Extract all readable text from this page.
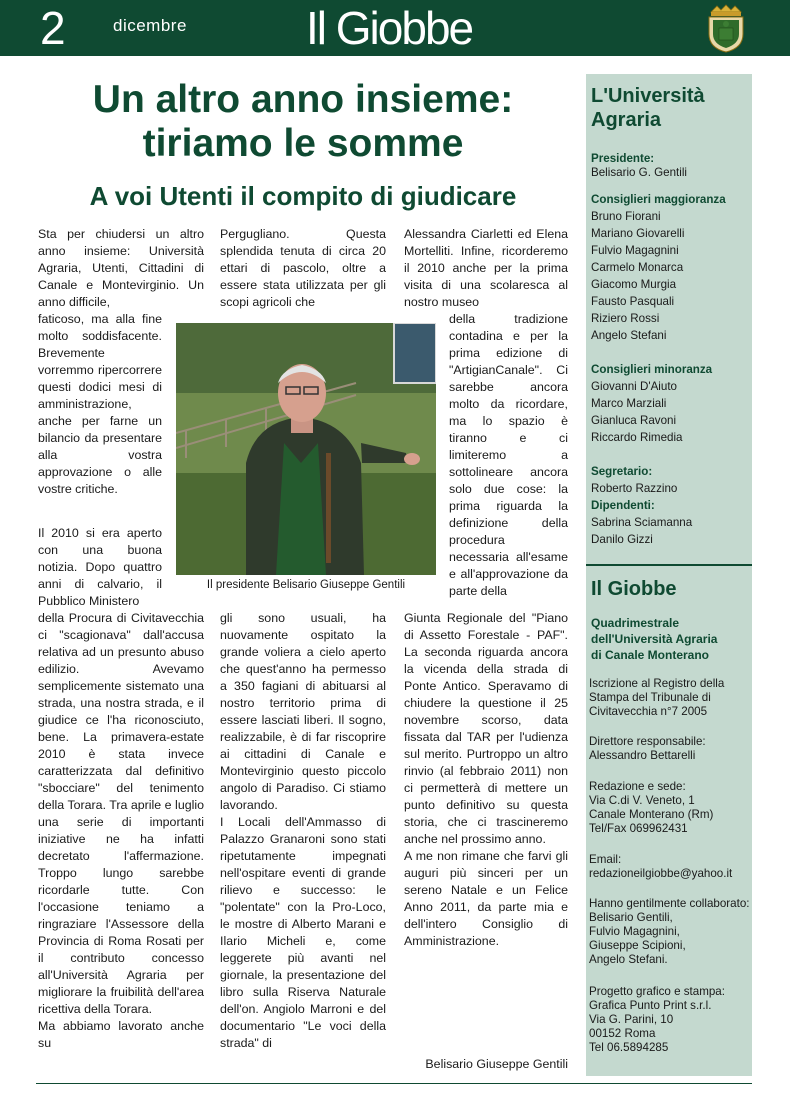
2	dicembre	Il Giobbe
Un altro anno insieme:
tiriamo le somme
A voi Utenti il compito di giudicare

Sta per chiudersi un altro anno insieme: Università Agraria, Utenti, Cittadini di Canale e Montevirginio. Un anno difficile,

faticoso, ma alla fine molto soddisfacente. Brevemente vorremmo ripercorrere questi dodici mesi di amministrazione, anche per farne un bilancio da presentare alla vostra approvazione o alle vostre critiche.

Il 2010 si era aperto con una buona notizia. Dopo quattro anni di calvario, il Pubblico Ministero

della Procura di Civitavecchia ci "scagionava" dall'accusa relativa ad un presunto abuso edilizio. Avevamo semplicemente sistemato una strada, una nostra strada, e il giudice ce l'ha riconosciuto, bene. La primavera-estate 2010 è stata invece caratterizzata dal definitivo "sbocciare" del tenimento della Torara. Tra aprile e luglio una serie di importanti iniziative ne ha infatti decretato l'affermazione. Troppo lungo sarebbe ricordarle tutte. Con l'occasione teniamo a ringraziare l'Assessore della Provincia di Roma Rosati per il contributo concesso all'Università Agraria per migliorare la fruibilità dell'area ricettiva della Torara.

Ma abbiamo lavorato anche su

Pergugliano. Questa splendida tenuta di circa 20 ettari di pascolo, oltre a essere stata utilizzata per gli scopi agricoli che

gli sono usuali, ha nuovamente ospitato la grande voliera a cielo aperto che quest'anno ha permesso a 350 fagiani di abituarsi al nostro territorio prima di essere lasciati liberi. Il sogno, realizzabile, è di far riscoprire ai cittadini di Canale e Montevirginio questo piccolo angolo di Paradiso. Ci stiamo lavorando.

I Locali dell'Ammasso di Palazzo Granaroni sono stati ripetutamente impegnati nell'ospitare eventi di grande rilievo e successo: le "polentate" con la Pro-Loco, le mostre di Alberto Marani e Ilario Micheli e, come leggerete più avanti nel giornale, la presentazione del libro sulla Riserva Naturale dell'on. Angiolo Marroni e del documentario "Le voci della strada" di

Alessandra Ciarletti ed Elena Mortelliti. Infine, ricorderemo il 2010 anche per la prima visita di una scolaresca al nostro museo

della tradizione contadina e per la prima edizione di "ArtigianCanale". Ci sarebbe ancora molto da ricordare, ma lo spazio è tiranno e ci limiteremo a sottolineare ancora solo due cose: la prima riguarda la definizione della procedura necessaria all'esame e all'approvazione da parte della

Giunta Regionale del "Piano di Assetto Forestale - PAF". La seconda riguarda ancora la vicenda della strada di Ponte Antico. Speravamo di chiudere la questione il 25 novembre scorso, data fissata dal TAR per l'udienza sul merito. Purtroppo un altro rinvio (al febbraio 2011) non ci permetterà di mettere un punto definitivo su questa storia, che ci trascineremo anche nel prossimo anno.

A me non rimane che farvi gli auguri più sinceri per un sereno Natale e un Felice Anno 2011, da parte mia e dell'intero Consiglio di Amministrazione.

Belisario Giuseppe Gentili
Il presidente Belisario Giuseppe Gentili
L'Università
Agraria
Presidente:
Belisario G. Gentili
Consiglieri maggioranza
Bruno Fiorani
Mariano Giovarelli
Fulvio Magagnini
Carmelo Monarca
Giacomo Murgia
Fausto Pasquali
Riziero Rossi
Angelo Stefani
Consiglieri minoranza
Giovanni D'Aiuto
Marco Marziali
Gianluca Ravoni
Riccardo Rimedia
Segretario:
Roberto Razzino
Dipendenti:
Sabrina Sciamanna
Danilo Gizzi
Il Giobbe
Quadrimestrale
dell'Università Agraria
di Canale Monterano
Iscrizione al Registro della
Stampa del Tribunale di
Civitavecchia n°7 2005
Direttore responsabile:
Alessandro Bettarelli
Redazione e sede:
Via C.di V. Veneto, 1
Canale Monterano (Rm)
Tel/Fax 069962431
Email:
redazioneilgiobbe@yahoo.it
Hanno gentilmente collaborato:
Belisario Gentili,
Fulvio Magagnini,
Giuseppe Scipioni,
Angelo Stefani.
Progetto grafico e stampa:
Grafica Punto Print s.r.l.
Via G. Parini, 10
00152 Roma
Tel 06.5894285
